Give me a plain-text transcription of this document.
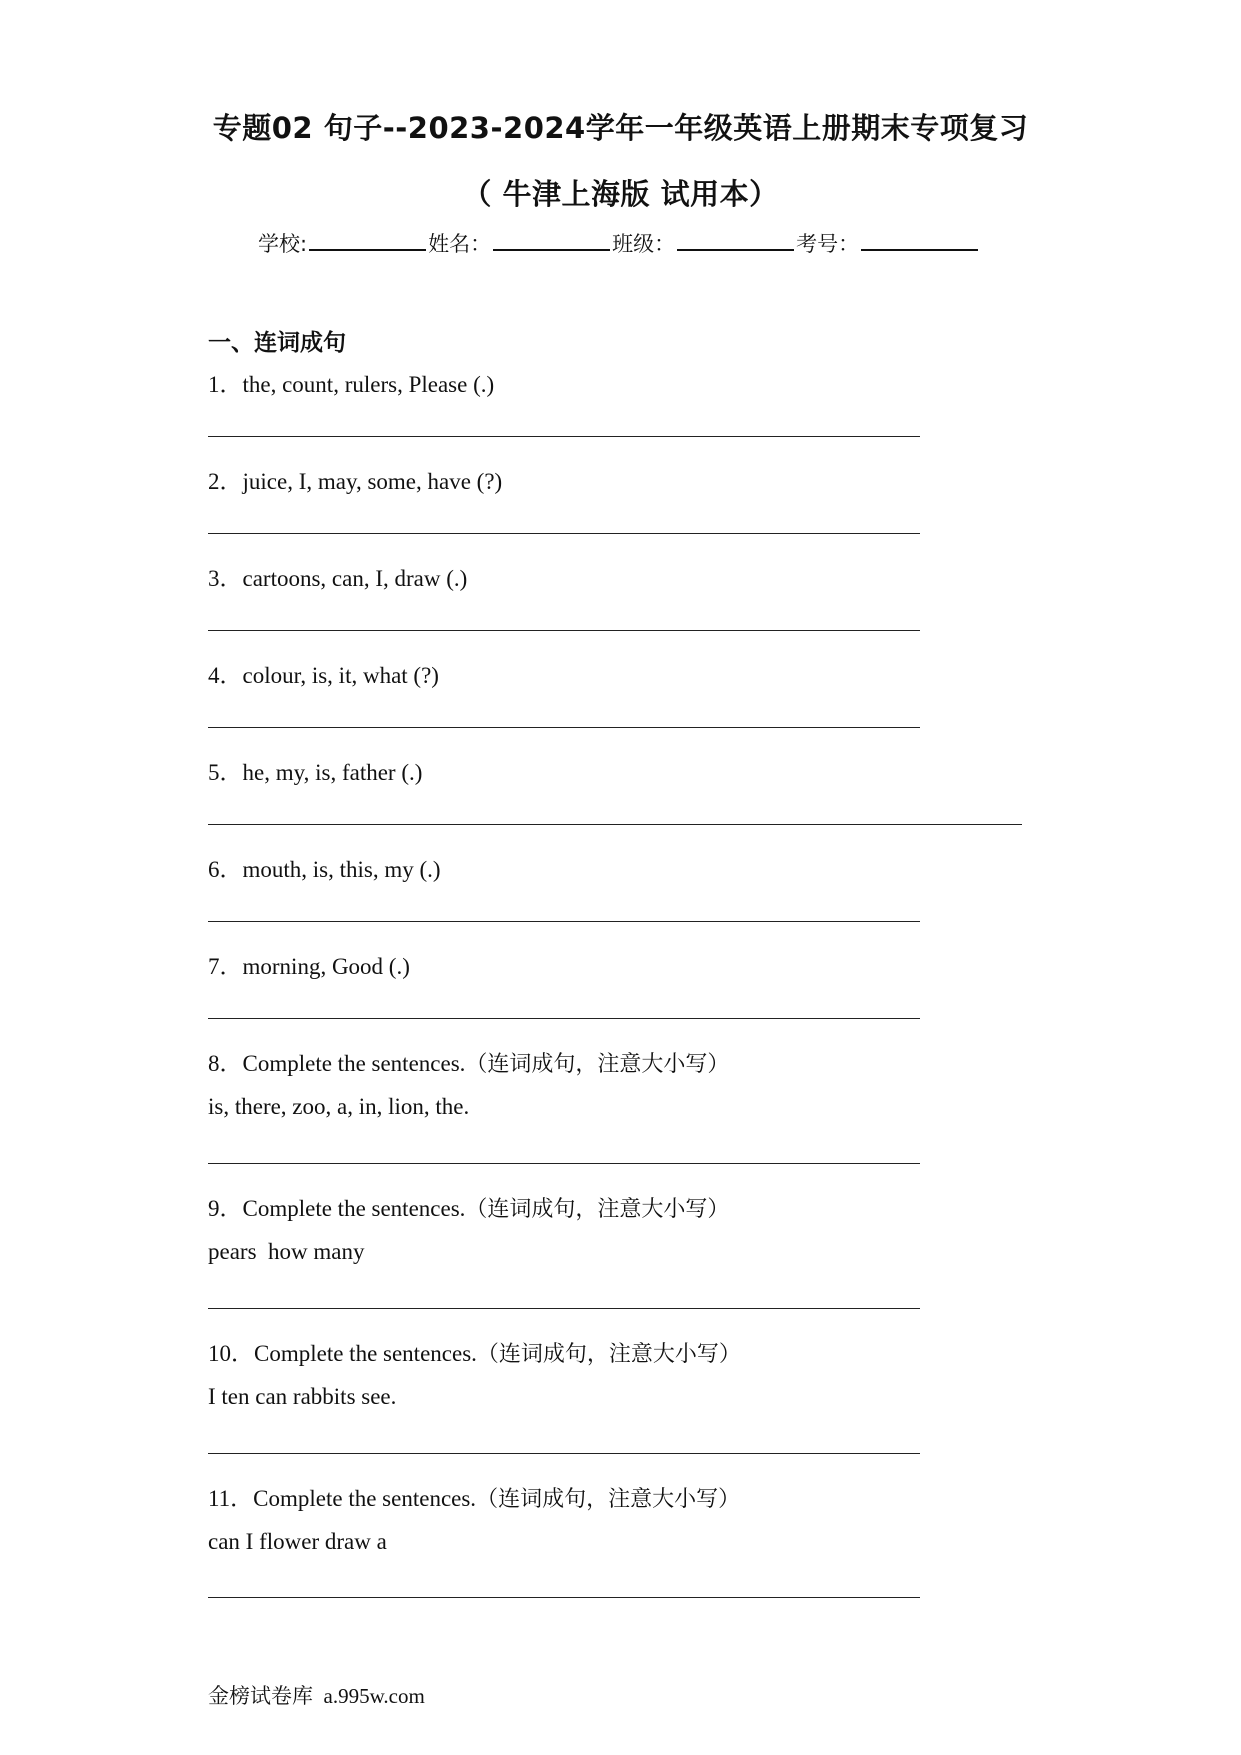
专题02 句子--2023-2024学年一年级英语上册期末专项复习
（ 牛津上海版 试用本）
学校:	姓名：	班级：	考号：
一、连词成句
1．the, count, rulers, Please (.)
2．juice, I, may, some, have (?)
3．cartoons, can, I, draw (.)
4．colour, is, it, what (?)
5．he, my, is, father (.)
6．mouth, is, this, my (.)
7．morning, Good (.)
8．Complete the sentences.（连词成句，注意大小写）
is, there, zoo, a, in, lion, the.
9．Complete the sentences.（连词成句，注意大小写）
pears  how many
10．Complete the sentences.（连词成句，注意大小写）
I ten can rabbits see.
11．Complete the sentences.（连词成句，注意大小写）
can I flower draw a
金榜试卷库 a.995w.com
